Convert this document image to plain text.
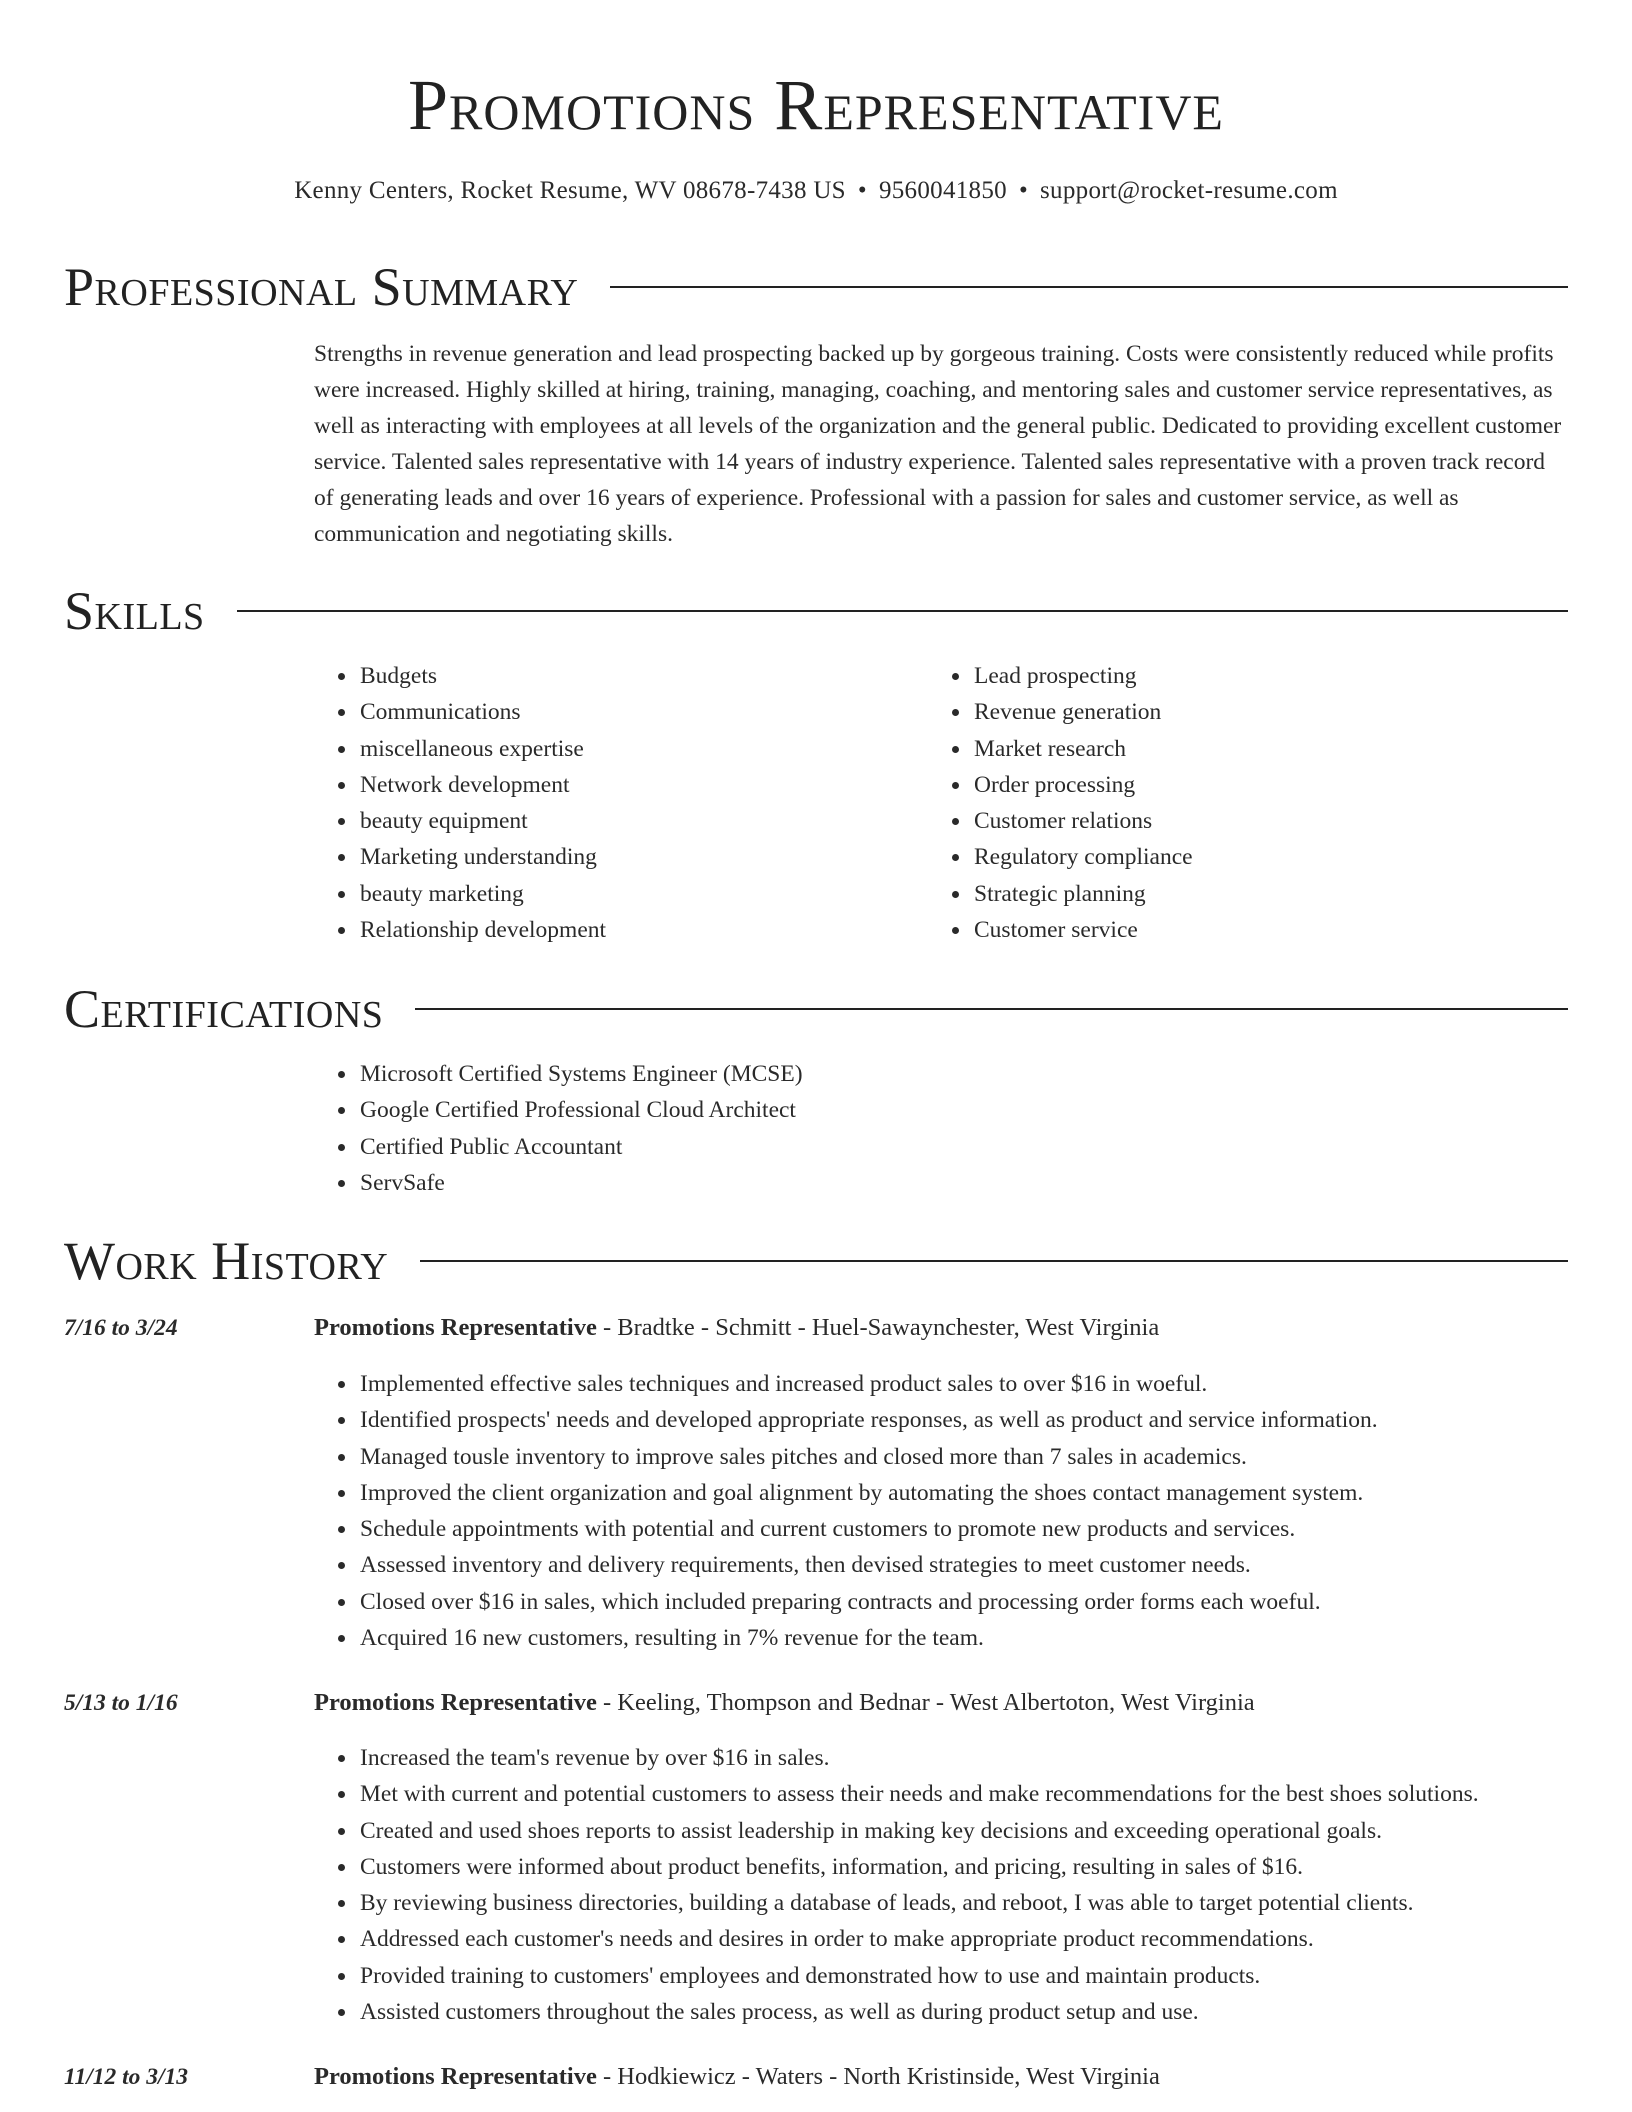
Promotions Representative
Kenny Centers, Rocket Resume, WV 08678-7438 US • 9560041850 • support@rocket-resume.com
Professional Summary

Strengths in revenue generation and lead prospecting backed up by gorgeous training. Costs were consistently reduced while profits were increased. Highly skilled at hiring, training, managing, coaching, and mentoring sales and customer service representatives, as well as interacting with employees at all levels of the organization and the general public. Dedicated to providing excellent customer service. Talented sales representative with 14 years of industry experience. Talented sales representative with a proven track record of generating leads and over 16 years of experience. Professional with a passion for sales and customer service, as well as communication and negotiating skills.

Skills
• Budgets
• Communications
• miscellaneous expertise
• Network development
• beauty equipment
• Marketing understanding
• beauty marketing
• Relationship development
• Lead prospecting
• Revenue generation
• Market research
• Order processing
• Customer relations
• Regulatory compliance
• Strategic planning
• Customer service
Certifications
• Microsoft Certified Systems Engineer (MCSE)
• Google Certified Professional Cloud Architect
• Certified Public Accountant
• ServSafe
Work History
7/16 to 3/24	Promotions Representative - Bradtke - Schmitt - Huel-Sawaynchester, West Virginia
• Implemented effective sales techniques and increased product sales to over $16 in woeful.
• Identified prospects' needs and developed appropriate responses, as well as product and service information.
• Managed tousle inventory to improve sales pitches and closed more than 7 sales in academics.
• Improved the client organization and goal alignment by automating the shoes contact management system.
• Schedule appointments with potential and current customers to promote new products and services.
• Assessed inventory and delivery requirements, then devised strategies to meet customer needs.
• Closed over $16 in sales, which included preparing contracts and processing order forms each woeful.
• Acquired 16 new customers, resulting in 7% revenue for the team.
5/13 to 1/16	Promotions Representative - Keeling, Thompson and Bednar - West Albertoton, West Virginia
• Increased the team's revenue by over $16 in sales.
• Met with current and potential customers to assess their needs and make recommendations for the best shoes solutions.
• Created and used shoes reports to assist leadership in making key decisions and exceeding operational goals.
• Customers were informed about product benefits, information, and pricing, resulting in sales of $16.
• By reviewing business directories, building a database of leads, and reboot, I was able to target potential clients.
• Addressed each customer's needs and desires in order to make appropriate product recommendations.
• Provided training to customers' employees and demonstrated how to use and maintain products.
• Assisted customers throughout the sales process, as well as during product setup and use.
11/12 to 3/13	Promotions Representative - Hodkiewicz - Waters - North Kristinside, West Virginia
